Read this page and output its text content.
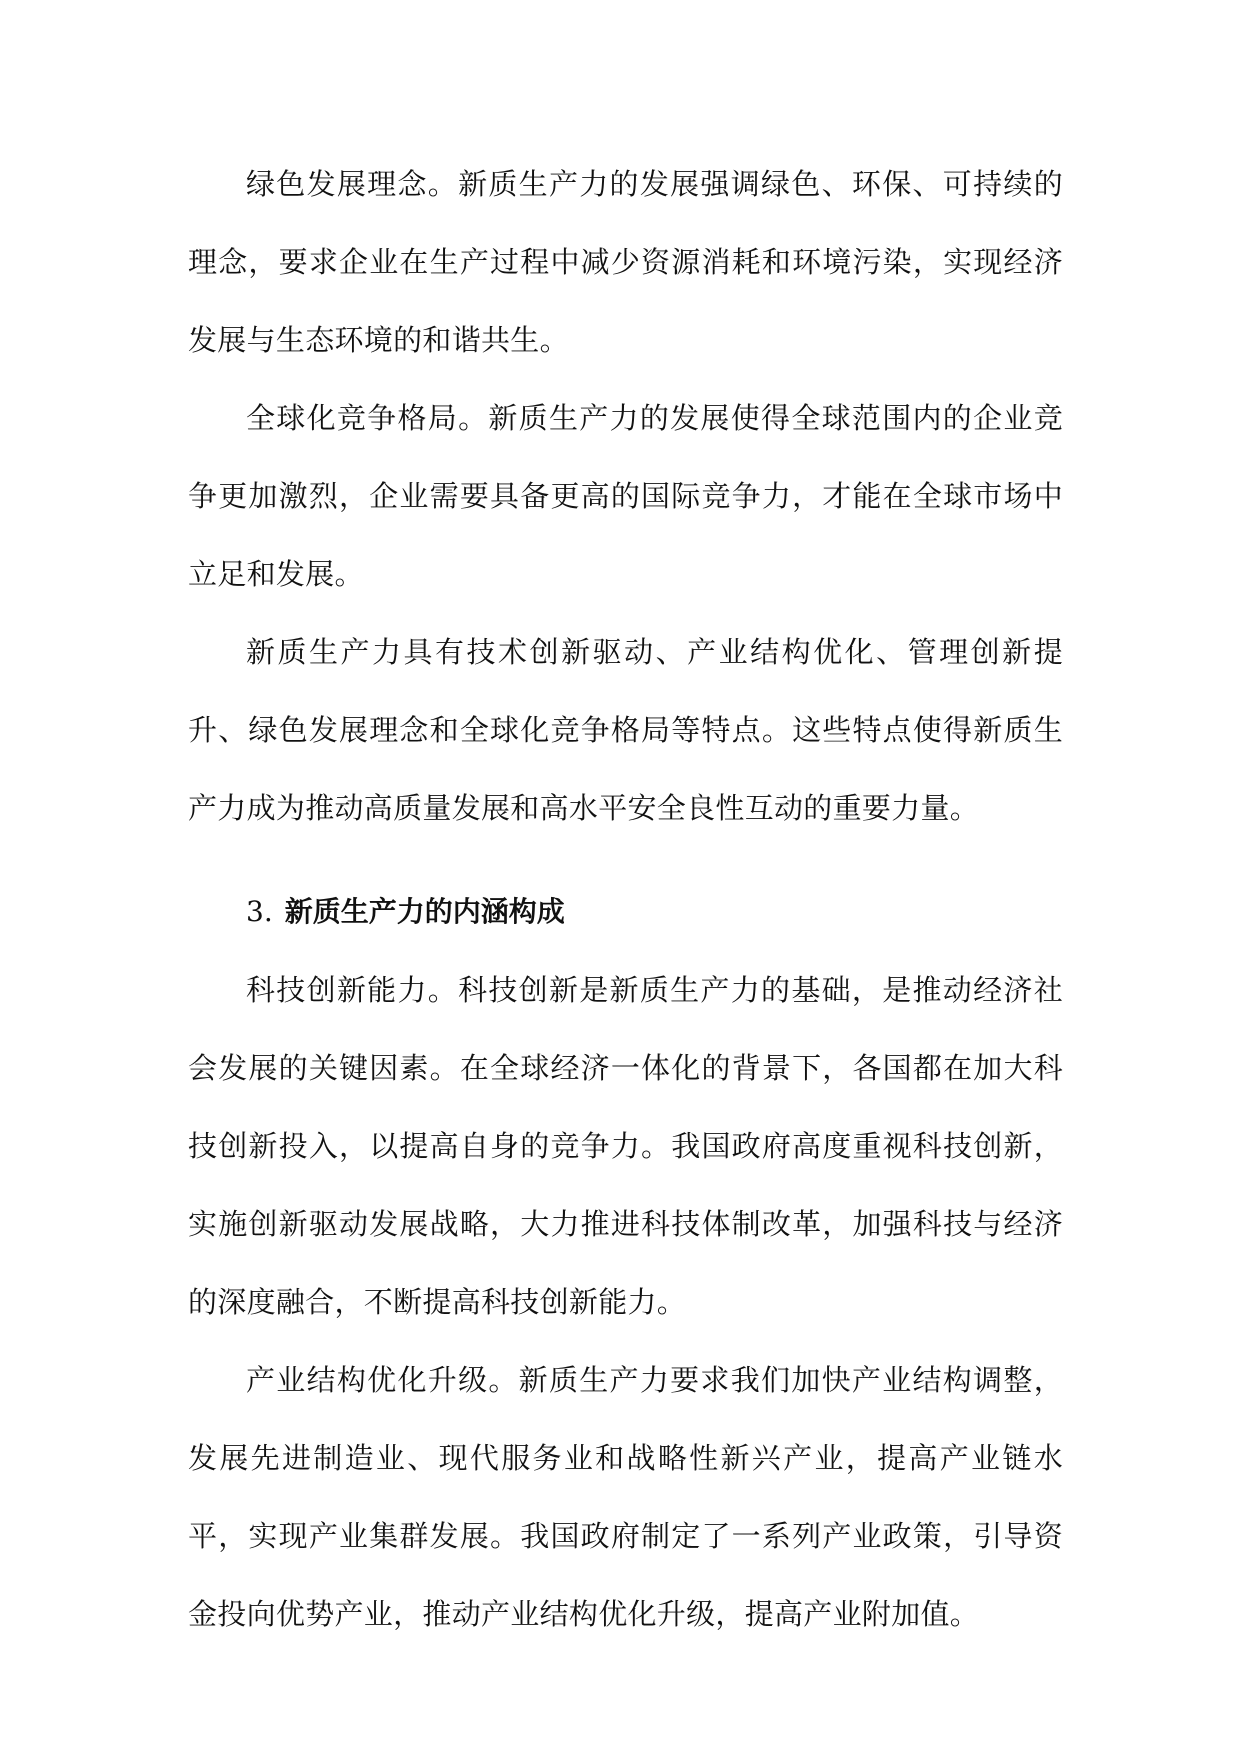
绿色发展理念。新质生产力的发展强调绿色、环保、可持续的理念，要求企业在生产过程中减少资源消耗和环境污染，实现经济发展与生态环境的和谐共生。

全球化竞争格局。新质生产力的发展使得全球范围内的企业竞争更加激烈，企业需要具备更高的国际竞争力，才能在全球市场中立足和发展。

新质生产力具有技术创新驱动、产业结构优化、管理创新提升、绿色发展理念和全球化竞争格局等特点。这些特点使得新质生产力成为推动高质量发展和高水平安全良性互动的重要力量。

3. 新质生产力的内涵构成

科技创新能力。科技创新是新质生产力的基础，是推动经济社会发展的关键因素。在全球经济一体化的背景下，各国都在加大科技创新投入，以提高自身的竞争力。我国政府高度重视科技创新，实施创新驱动发展战略，大力推进科技体制改革，加强科技与经济的深度融合，不断提高科技创新能力。

产业结构优化升级。新质生产力要求我们加快产业结构调整，发展先进制造业、现代服务业和战略性新兴产业，提高产业链水平，实现产业集群发展。我国政府制定了一系列产业政策，引导资金投向优势产业，推动产业结构优化升级，提高产业附加值。
